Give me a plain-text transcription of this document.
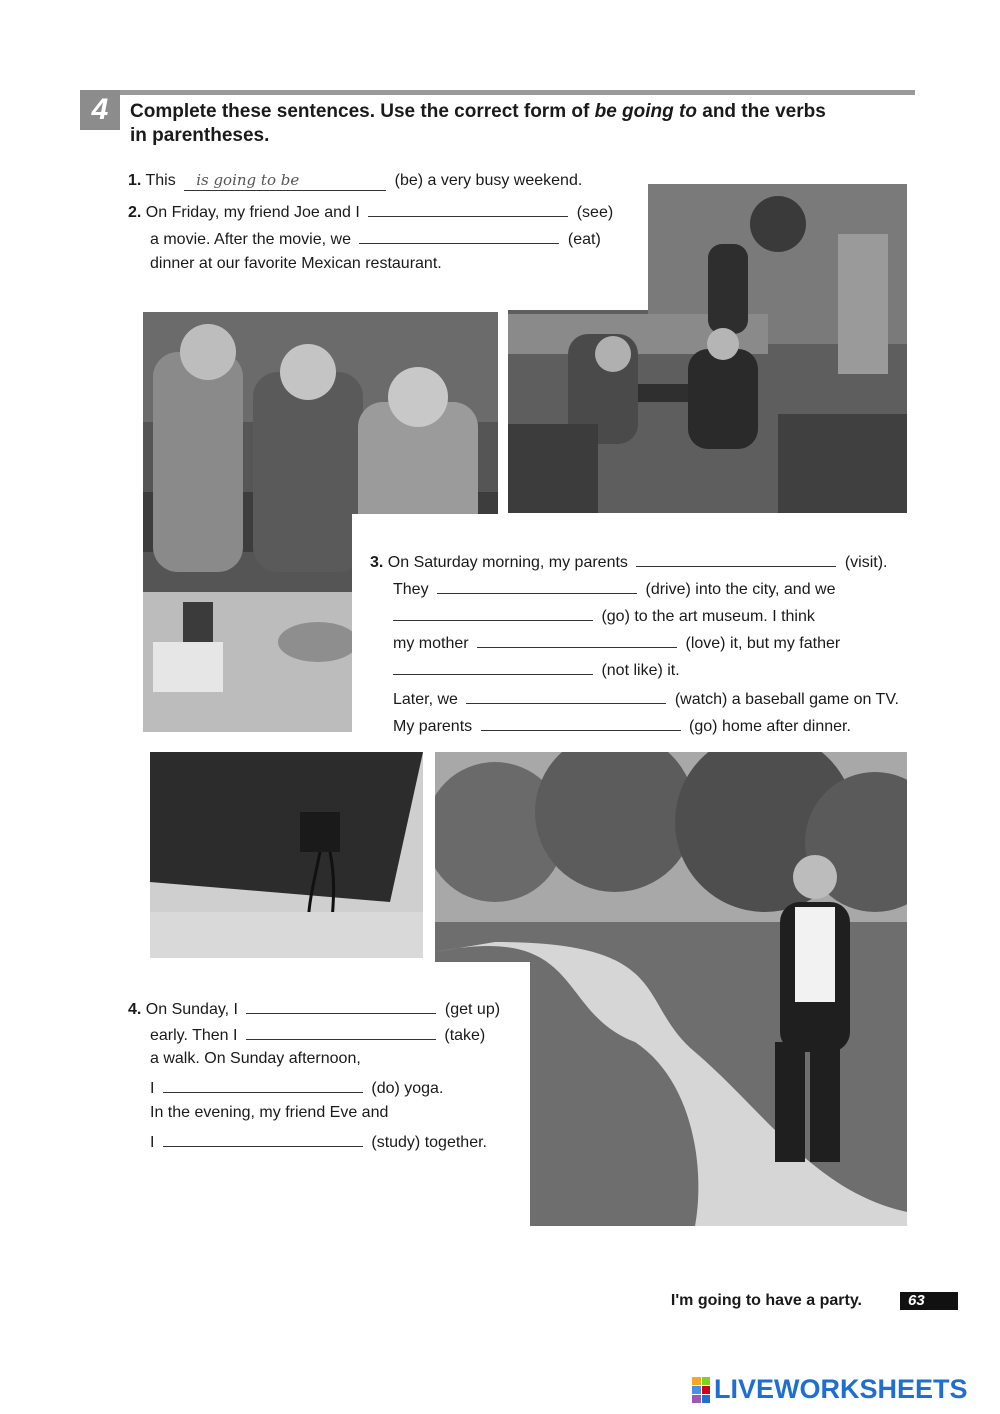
4	Complete these sentences. Use the correct form of be going to and the verbs
in parentheses.
1. This is going to be	(be) a very busy weekend.
2. On Friday, my friend Joe and I	(see)
a movie. After the movie, we	(eat)
dinner at our favorite Mexican restaurant.
3. On Saturday morning, my parents	(visit).
They	(drive) into the city, and we
(go) to the art museum. I think
my mother	(love) it, but my father
(not like) it.
Later, we	(watch) a baseball game on TV.
My parents	(go) home after dinner.
4. On Sunday, I	(get up)
early. Then I	(take)
a walk. On Sunday afternoon,
I	(do) yoga.
In the evening, my friend Eve and
I	(study) together.
I'm going to have a party.	63
LIVEWORKSHEETS
